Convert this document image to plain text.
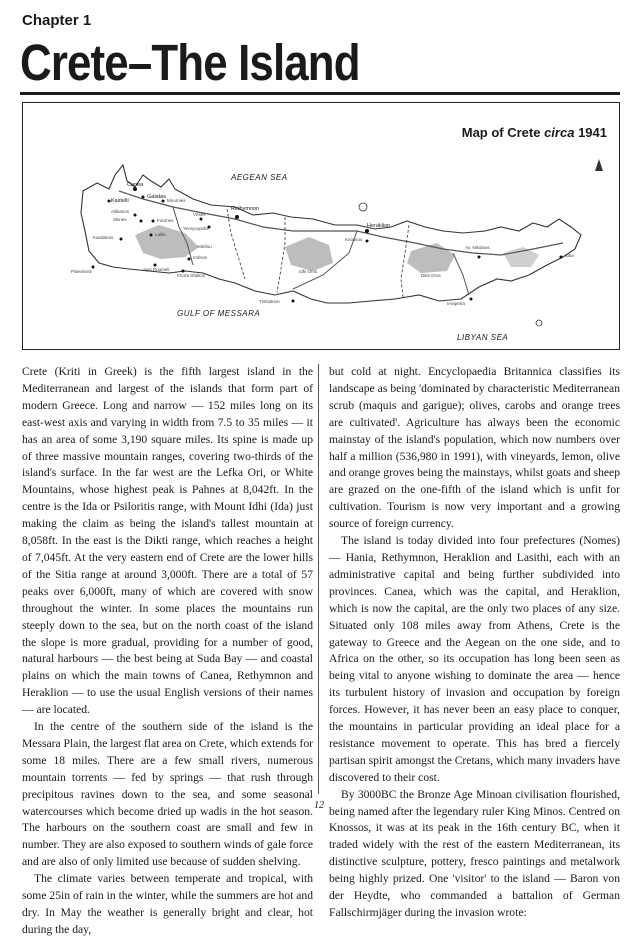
Chapter 1
Crete–The Island
Map of Crete circa 1941
AEGEAN SEA
GULF OF MESSARA
LIBYAN SEA
Canea
Galatas
Kastelli
Alikianos
Skines	Fournes
Mournies
Kandanos
Lakki
Vrises
Yeoryoupolis
Rethymnon
Imbros
Askifou
Paleohora	Ayia Roumeli
Khora Sfakion
Heraklion
Knossos
Idhi Oros
Dikti Oros
Timbakion	Ierapetra
Sitia
Ay. Nikolaos

Crete (Kriti in Greek) is the fifth largest island in the Mediterranean and largest of the islands that form part of modern Greece. Long and narrow — 152 miles long on its east-west axis and varying in width from 7.5 to 35 miles — it has an area of some 3,190 square miles. Its spine is made up of three massive mountain ranges, covering two-thirds of the island's surface. In the far west are the Lefka Ori, or White Mountains, whose highest peak is Pahnes at 8,042ft. In the centre is the Ida or Psiloritis range, with Mount Idhi (Ida) just making the claim as being the island's tallest mountain at 8,058ft. In the east is the Dikti range, which reaches a height of 7,045ft. At the very eastern end of Crete are the lower hills of the Sitia range at around 3,000ft. There are a total of 57 peaks over 6,000ft, many of which are covered with snow throughout the winter. In some places the mountains run steeply down to the sea, but on the north coast of the island the slope is more gradual, providing for a number of good, natural harbours — the best being at Suda Bay — and coastal plains on which the main towns of Canea, Rethymnon and Heraklion — to use the usual English versions of their names — are located.

In the centre of the southern side of the island is the Messara Plain, the largest flat area on Crete, which extends for some 18 miles. There are a few small rivers, numerous mountain torrents — fed by springs — that rush through precipitous ravines down to the sea, and some seasonal watercourses which become dried up wadis in the hot season. The harbours on the southern coast are small and few in number. They are also exposed to southern winds of gale force and are also of only limited use because of sudden shelving.

The climate varies between temperate and tropical, with some 25in of rain in the winter, while the summers are hot and dry. In May the weather is generally bright and clear, hot during the day,

but cold at night. Encyclopaedia Britannica classifies its landscape as being 'dominated by characteristic Mediterranean scrub (maquis and garigue); olives, carobs and orange trees are cultivated'. Agriculture has always been the economic mainstay of the island's population, which now numbers over half a million (536,980 in 1991), with vineyards, lemon, olive and orange groves being the mainstays, whilst goats and sheep are grazed on the one-fifth of the island which is unfit for cultivation. Tourism is now very important and a growing source of foreign currency.

The island is today divided into four prefectures (Nomes) — Hania, Rethymnon, Heraklion and Lasithi, each with an administrative capital and being further subdivided into provinces. Canea, which was the capital, and Heraklion, which is now the capital, are the only two places of any size. Situated only 108 miles away from Athens, Crete is the gateway to Greece and the Aegean on the one side, and to Africa on the other, so its occupation has long been seen as being vital to anyone wishing to dominate the area — hence its turbulent history of invasion and occupation by foreign forces. However, it has never been an easy place to conquer, the mountains in particular providing an ideal place for a resistance movement to operate. This has bred a fiercely partisan spirit amongst the Cretans, which many invaders have discovered to their cost.

By 3000BC the Bronze Age Minoan civilisation flourished, being named after the legendary ruler King Minos. Centred on Knossos, it was at its peak in the 16th century BC, when it traded widely with the rest of the eastern Mediterranean, its distinctive sculpture, pottery, fresco paintings and metalwork being highly prized. One 'visitor' to the island — Baron von der Heydte, who commanded a battalion of German Fallschirmjäger during the invasion wrote:

12
